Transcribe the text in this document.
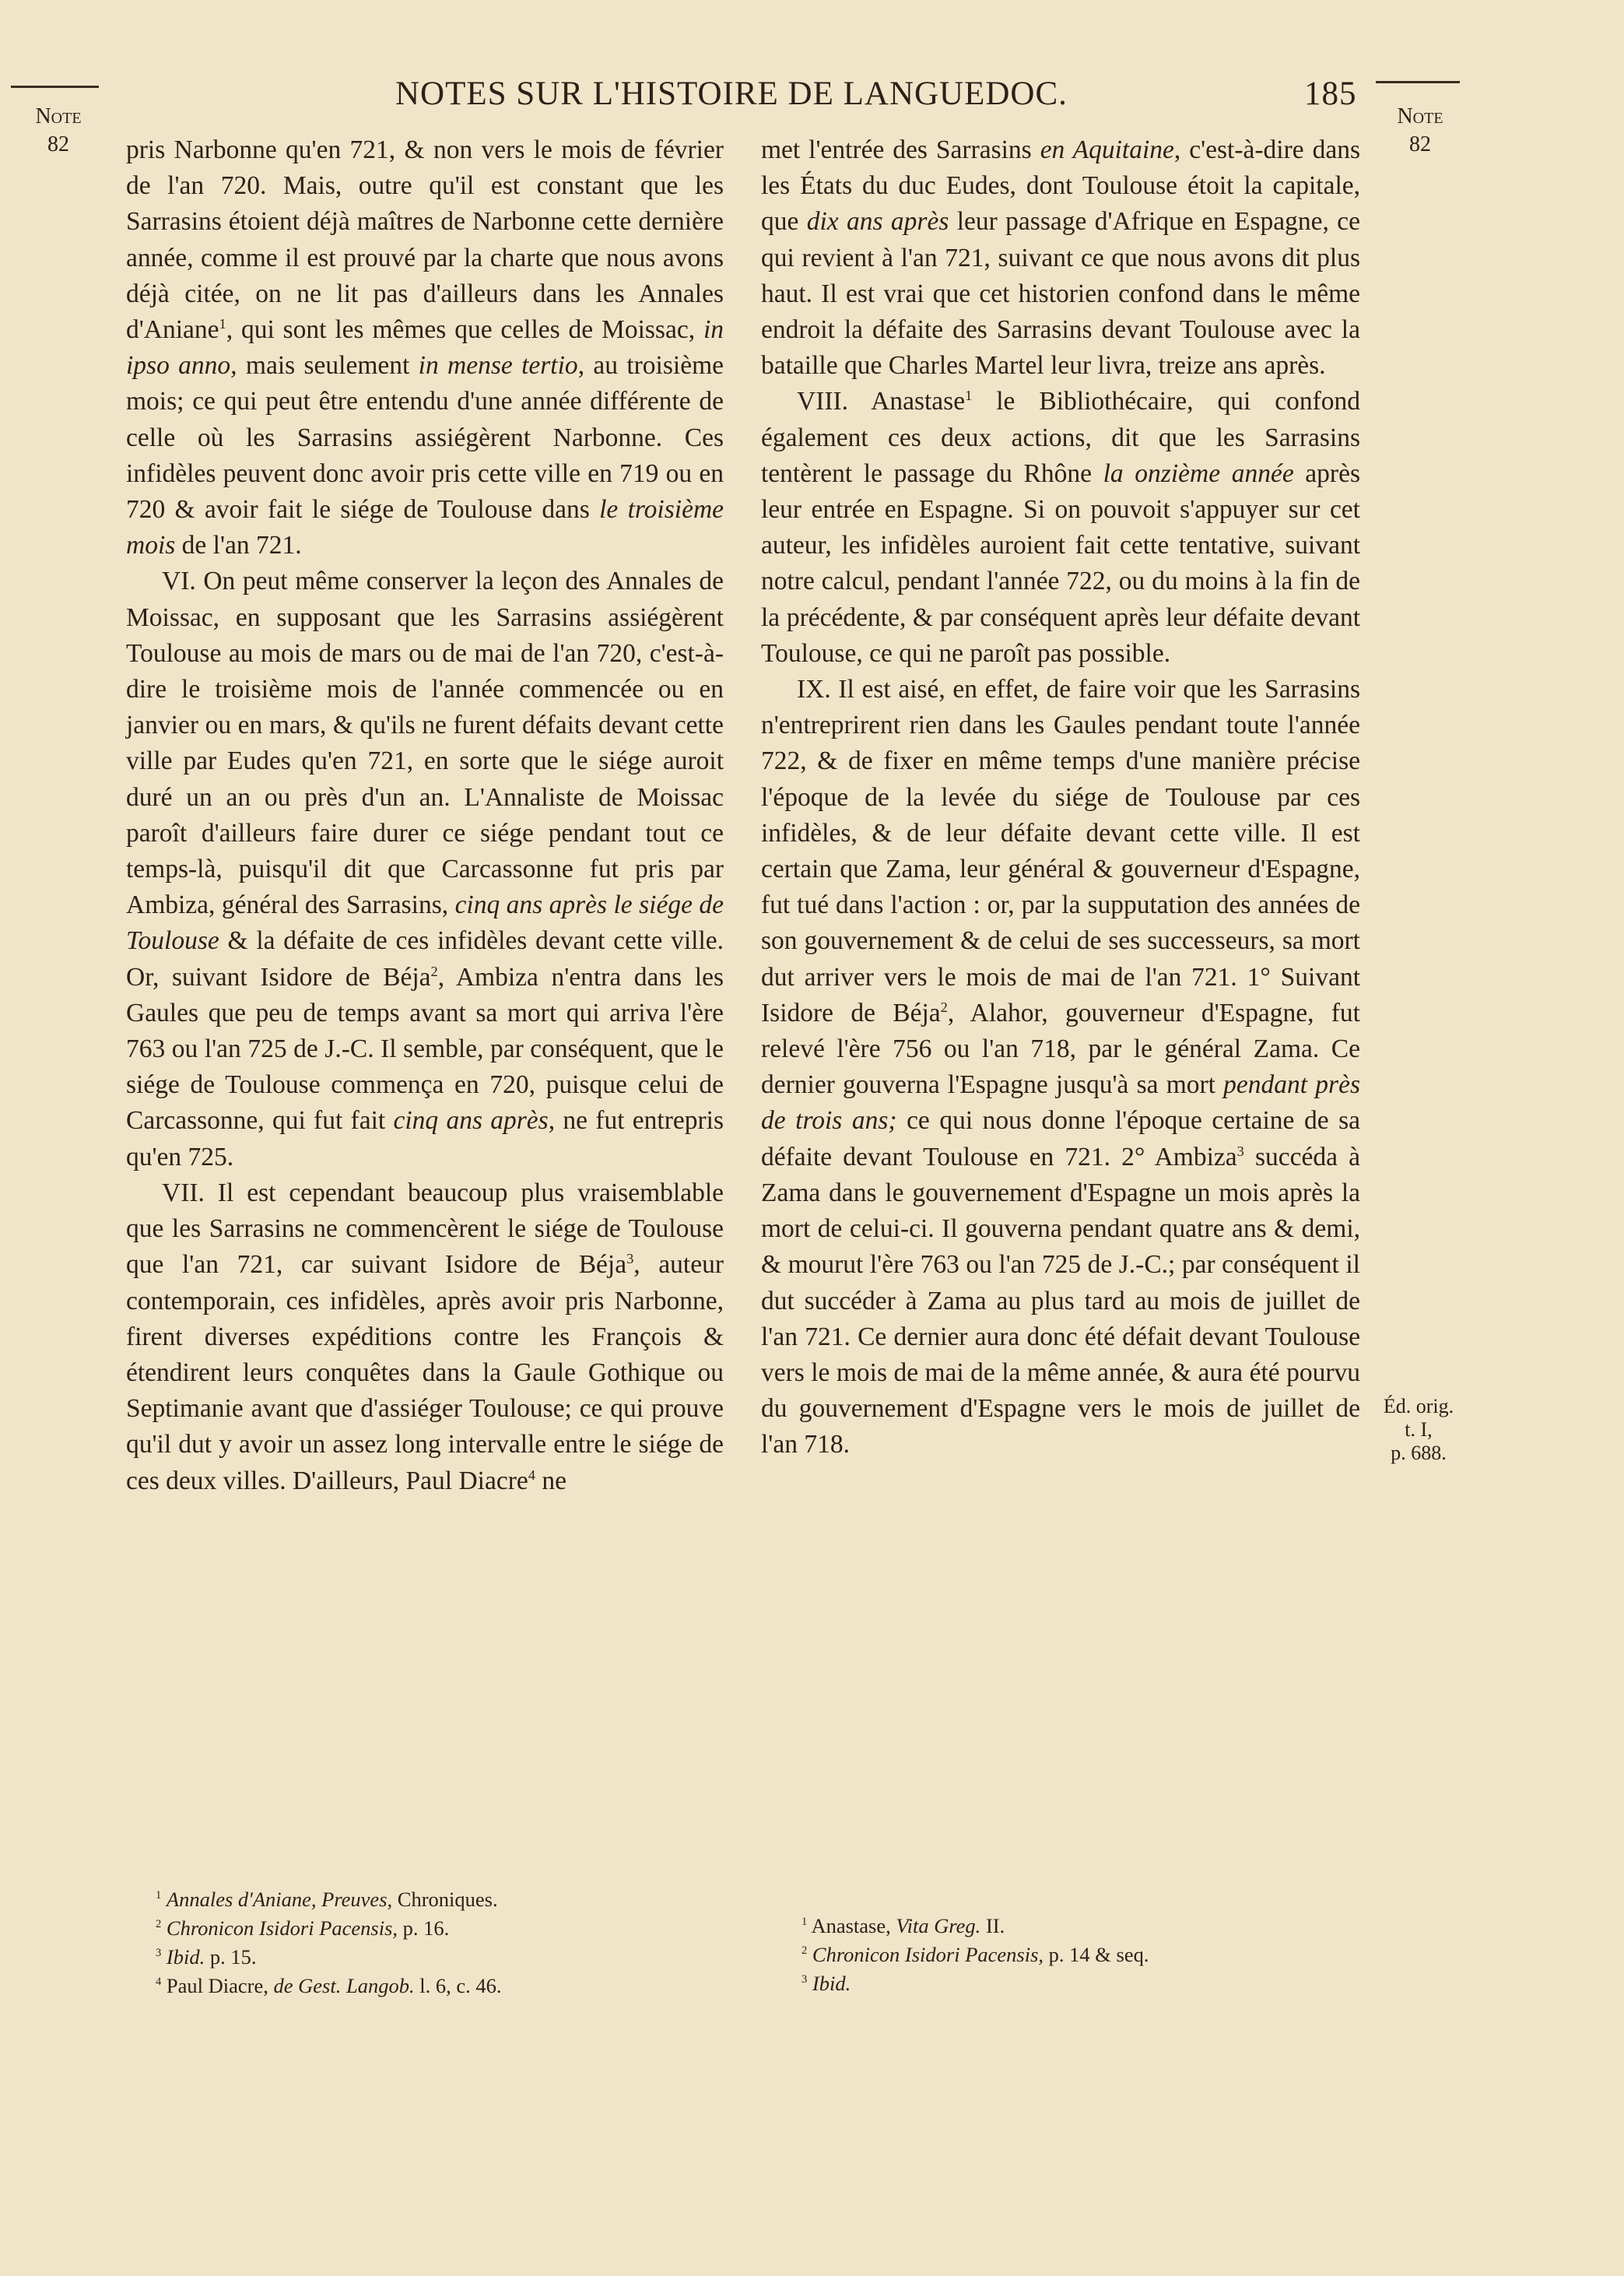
NOTES SUR L'HISTOIRE DE LANGUEDOC.	185
Note
82
Note
82

pris Narbonne qu'en 721, & non vers le mois de février de l'an 720. Mais, outre qu'il est constant que les Sarrasins étoient déjà maîtres de Narbonne cette dernière année, comme il est prouvé par la charte que nous avons déjà citée, on ne lit pas d'ailleurs dans les Annales d'Aniane$^1$, qui sont les mêmes que celles de Moissac, in ipso anno, mais seulement in mense tertio, au troisième mois; ce qui peut être entendu d'une année différente de celle où les Sarrasins assiégèrent Narbonne. Ces infidèles peuvent donc avoir pris cette ville en 719 ou en 720 & avoir fait le siége de Toulouse dans le troisième mois de l'an 721.

VI. On peut même conserver la leçon des Annales de Moissac, en supposant que les Sarrasins assiégèrent Toulouse au mois de mars ou de mai de l'an 720, c'est-à-dire le troisième mois de l'année commencée ou en janvier ou en mars, & qu'ils ne furent défaits devant cette ville par Eudes qu'en 721, en sorte que le siége auroit duré un an ou près d'un an. L'Annaliste de Moissac paroît d'ailleurs faire durer ce siége pendant tout ce temps-là, puisqu'il dit que Carcassonne fut pris par Ambiza, général des Sarrasins, cinq ans après le siége de Toulouse & la défaite de ces infidèles devant cette ville. Or, suivant Isidore de Béja$^2$, Ambiza n'entra dans les Gaules que peu de temps avant sa mort qui arriva l'ère 763 ou l'an 725 de J.-C. Il semble, par conséquent, que le siége de Toulouse commença en 720, puisque celui de Carcassonne, qui fut fait cinq ans après, ne fut entrepris qu'en 725.

VII. Il est cependant beaucoup plus vraisemblable que les Sarrasins ne commencèrent le siége de Toulouse que l'an 721, car suivant Isidore de Béja$^3$, auteur contemporain, ces infidèles, après avoir pris Narbonne, firent diverses expéditions contre les François & étendirent leurs conquêtes dans la Gaule Gothique ou Septimanie avant que d'assiéger Toulouse; ce qui prouve qu'il dut y avoir un assez long intervalle entre le siége de ces deux villes. D'ailleurs, Paul Diacre$^4$ ne

met l'entrée des Sarrasins en Aquitaine, c'est-à-dire dans les États du duc Eudes, dont Toulouse étoit la capitale, que dix ans après leur passage d'Afrique en Espagne, ce qui revient à l'an 721, suivant ce que nous avons dit plus haut. Il est vrai que cet historien confond dans le même endroit la défaite des Sarrasins devant Toulouse avec la bataille que Charles Martel leur livra, treize ans après.

VIII. Anastase$^1$ le Bibliothécaire, qui confond également ces deux actions, dit que les Sarrasins tentèrent le passage du Rhône la onzième année après leur entrée en Espagne. Si on pouvoit s'appuyer sur cet auteur, les infidèles auroient fait cette tentative, suivant notre calcul, pendant l'année 722, ou du moins à la fin de la précédente, & par conséquent après leur défaite devant Toulouse, ce qui ne paroît pas possible.

IX. Il est aisé, en effet, de faire voir que les Sarrasins n'entreprirent rien dans les Gaules pendant toute l'année 722, & de fixer en même temps d'une manière précise l'époque de la levée du siége de Toulouse par ces infidèles, & de leur défaite devant cette ville. Il est certain que Zama, leur général & gouverneur d'Espagne, fut tué dans l'action : or, par la supputation des années de son gouvernement & de celui de ses successeurs, sa mort dut arriver vers le mois de mai de l'an 721. 1° Suivant Isidore de Béja$^2$, Alahor, gouverneur d'Espagne, fut relevé l'ère 756 ou l'an 718, par le général Zama. Ce dernier gouverna l'Espagne jusqu'à sa mort pendant près de trois ans; ce qui nous donne l'époque certaine de sa défaite devant Toulouse en 721. 2° Ambiza$^3$ succéda à Zama dans le gouvernement d'Espagne un mois après la mort de celui-ci. Il gouverna pendant quatre ans & demi, & mourut l'ère 763 ou l'an 725 de J.-C.; par conséquent il dut succéder à Zama au plus tard au mois de juillet de l'an 721. Ce dernier aura donc été défait devant Toulouse vers le mois de mai de la même année, & aura été pourvu du gouvernement d'Espagne vers le mois de juillet de l'an 718.

Éd. orig.
t. I,
p. 688.
$^1$ Annales d'Aniane, Preuves, Chroniques.
$^2$ Chronicon Isidori Pacensis, p. 16.
$^3$ Ibid. p. 15.
$^4$ Paul Diacre, de Gest. Langob. l. 6, c. 46.
$^1$ Anastase, Vita Greg. II.
$^2$ Chronicon Isidori Pacensis, p. 14 & seq.
$^3$ Ibid.
